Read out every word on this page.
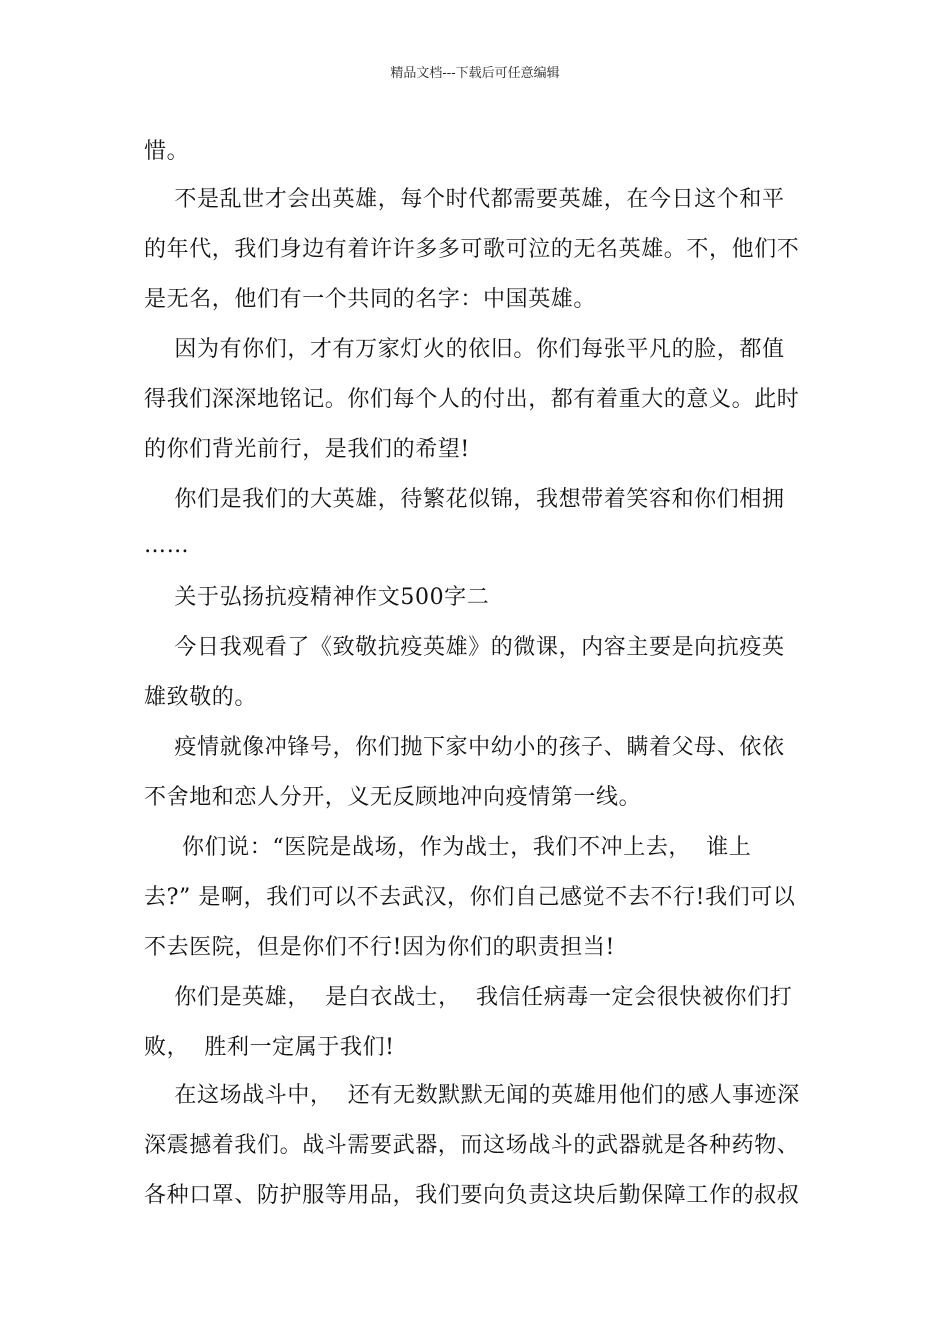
精品文档---下载后可任意编辑
惜。
不是乱世才会出英雄，每个时代都需要英雄，在今日这个和平
的年代，我们身边有着许许多多可歌可泣的无名英雄。不，他们不
是无名，他们有一个共同的名字：中国英雄。
因为有你们，才有万家灯火的依旧。你们每张平凡的脸，都值
得我们深深地铭记。你们每个人的付出，都有着重大的意义。此时
的你们背光前行，是我们的希望!
你们是我们的大英雄，待繁花似锦，我想带着笑容和你们相拥
……
关于弘扬抗疫精神作文500字二
今日我观看了《致敬抗疫英雄》的微课，内容主要是向抗疫英
雄致敬的。
疫情就像冲锋号，你们抛下家中幼小的孩子、瞒着父母、依依
不舍地和恋人分开，义无反顾地冲向疫情第一线。
你们说：“医院是战场，作为战士，我们不冲上去，  谁上
去?” 是啊，我们可以不去武汉，你们自己感觉不去不行!我们可以
不去医院，但是你们不行!因为你们的职责担当!
你们是英雄，  是白衣战士，  我信任病毒一定会很快被你们打
败，  胜利一定属于我们!
在这场战斗中，  还有无数默默无闻的英雄用他们的感人事迹深
深震撼着我们。战斗需要武器，而这场战斗的武器就是各种药物、
各种口罩、防护服等用品，我们要向负责这块后勤保障工作的叔叔
